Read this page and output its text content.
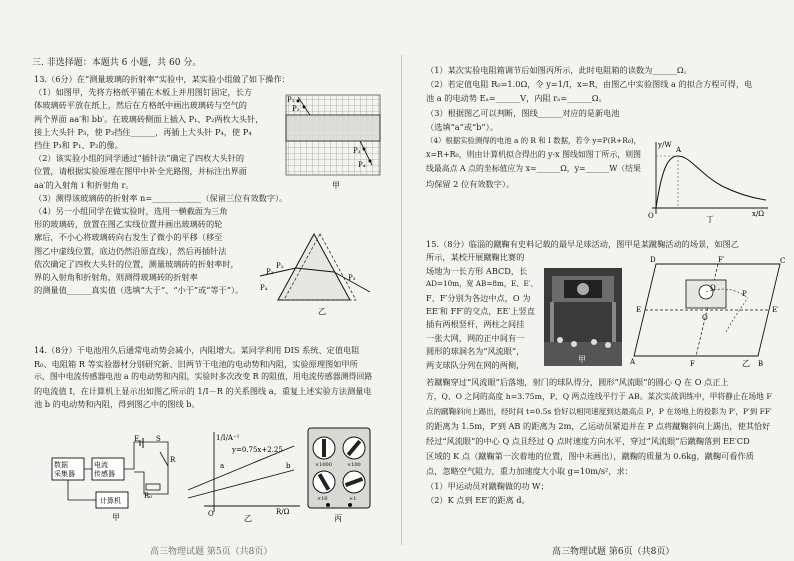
三. 非选择题：本题共 6 小题，共 60 分。
13.（6分）在“测量玻璃的折射率”实验中，某实验小组做了如下操作：
（1）如图甲，先将方格纸平铺在木板上并用图钉固定，长方
体玻璃砖平放在纸上，然后在方格纸中画出玻璃砖与空气的
两个界面 aa′和 bb′。在玻璃砖侧面上插入 P₁、P₂两枚大头针，
接上大头针 P₃，使 P₃挡住______，再插上大头针 P₄，使 P₄
挡住 P₃和 P₁、P₂的像。
（2）该实验小组的同学通过“插针法”确定了四枚大头针的
位置，请根据实验原理在图甲中补全光路图，并标注出界面
aa′的入射角 i 和折射角 r。
（3）测得该玻璃砖的折射率 n=____________（保留三位有效数字）。
（4）另一小组同学在做实验时，选用一横截面为三角
形的玻璃砖，放置在图乙实线位置并画出玻璃砖的轮
廓后，不小心将玻璃砖向右发生了微小的平移（移至
图乙中虚线位置，底边仍然沿原直线），然后再插针法
依次确定了四枚大头针的位置，测量玻璃砖的折射率时，
界的入射角和折射角，则测得玻璃砖的折射率
的测量值______真实值（选填“大于”、“小于”或“等于”）。
P₁
P₂
P₃
P₄
甲
P₁
P₂
P₃
P₄
乙
14.（8分）干电池用久后通常电动势会减小，内阻增大。某同学利用 DIS 系统、定值电阻
R₀、电阻箱 R 等实验器材分别研究新、旧两节干电池的电动势和内阻，实验原理图如甲所
示，图中电流传感器电池 a 的电动势和内阻，实验时多次改变 R 的阻值，用电流传感器测得回路
的电流值 I，在计算机上显示出如图乙所示的 1/I－R 的关系图线 a，重复上述实验方法测量电
池 b 的电动势和内阻，得到图乙中的图线 b。
数据
采集器
电流
传感器
计算机
E S
R
R₀
甲
1/I/A⁻¹
y=0.75x+2.25
R/Ω
O
a	b
乙
×1000	×100
×10	×1
丙
高三物理试题 第5页（共8页）
（1）某次实验电阻箱调节后如图丙所示，此时电阻箱的读数为______Ω。
（2）若定值电阻 R₀=1.0Ω，令 y=1/I，x=R，由图乙中实验图线 a 的拟合方程可得，电
池 a 的电动势 Eₐ=______V，内阻 rₐ=______Ω。
（3）根据图乙可以判断，图线______对应的是新电池
（选填“a”或“b”）。
（4）根据实验测得的电池 a 的 R 和 I 数据，若令 y=P(R+R₀)，
x=R+R₀，则由计算机拟合得出的 y-x 图线如图丁所示，则图
线最高点 A 点的坐标值应为 x=______Ω，y=______W（结果
均保留 2 位有效数字）。
y/W
x/Ω
O
A
丁
15.（8分）临淄的蹴鞠有史料记载的最早足球活动，图甲是某蹴鞠活动的场景，如图乙
所示，某校开展蹴鞠比赛的
场地为一长方形 ABCD，长
AD=10m，宽 AB=8m，E、E′、
F、F′分别为各边中点，O 为
EE′和 FF′的交点，EE′上竖直
插有两根竖杆，两柱之间挂
一张大网，网的正中间有一
圆形的球洞名为“风流眼”，
两支球队分列在网的两侧，
甲
D	C
A	B
E	E′
F
F′
O
P
Q
乙
若蹴鞠穿过“风流眼”后落地，射门的球队得分，圆形“风流眼”的圆心 Q 在 O 点正上
方，Q、O 之间的高度 h=3.75m，P、Q 两点连线平行于 AB。某次实战训练中，甲将静止在场地 F
点的蹴鞠斜向上踢出，经时间 t=0.5s 恰好以相同速度到达最高点 P，P 在场地上的投影为 P′，P′到 FF′
的距离为 1.5m，P′到 AB 的距离为 2m，乙运动员紧追并在 P 点将蹴鞠斜向上踢出，使其恰好
经过“风流眼”的中心 Q 点且经过 Q 点时速度方向水平，穿过“风流眼”后蹴鞠落到 EE′CD
区域的 K 点（蹴鞠第一次着地的位置，图中未画出），蹴鞠的质量为 0.6kg，蹴鞠可看作质
点，忽略空气阻力，重力加速度大小取 g=10m/s²，求：
（1）甲运动员对蹴鞠做的功 W；
（2）K 点到 EE′的距离 d。
高三物理试题 第6页（共8页）
